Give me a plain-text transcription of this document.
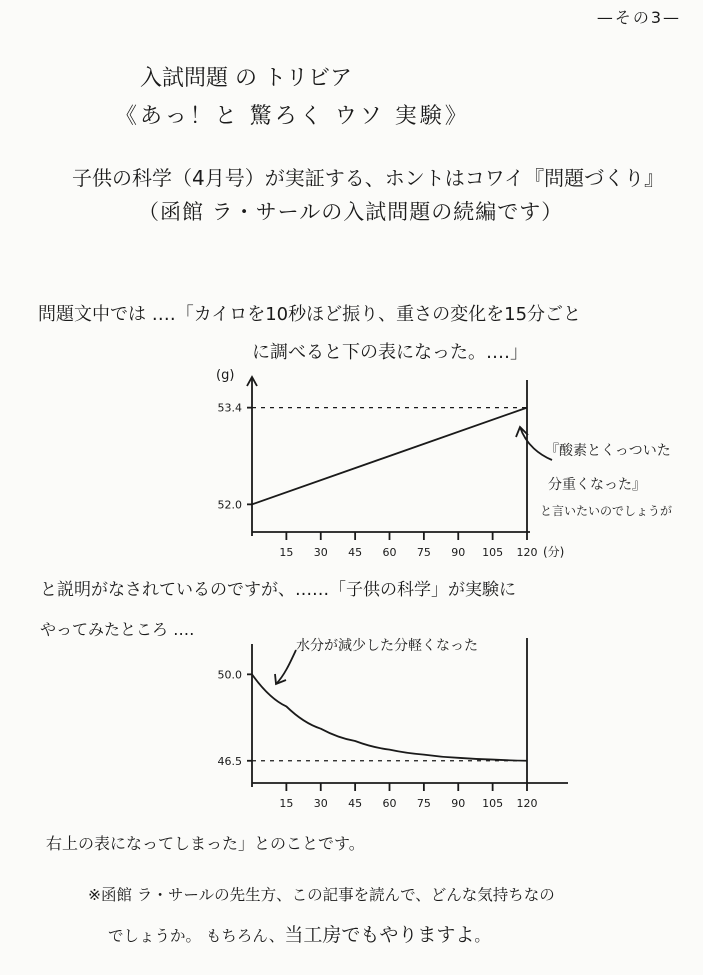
—その3—
入試問題 の トリビア
《あっ！と 驚ろく ウソ 実験》
子供の科学（4月号）が実証する、ホントはコワイ『問題づくり』
（函館 ラ・サールの入試問題の続編です）
問題文中では ‥‥「カイロを10秒ほど振り、重さの変化を15分ごと
に調べると下の表になった。‥‥」
15 30 45 60 75 90 105 120
53.4
52.0
(g)
(分)
『酸素とくっついた
分重くなった』
と言いたいのでしょうが
と説明がなされているのですが、‥‥‥「子供の科学」が実験に
やってみたところ ‥‥
15 30 45 60 75 90 105 120
50.0
46.5
水分が減少した分軽くなった
右上の表になってしまった」とのことです。
※函館 ラ・サールの先生方、この記事を読んで、どんな気持ちなの
でしょうか。 もちろん、当工房でもやりますよ。
